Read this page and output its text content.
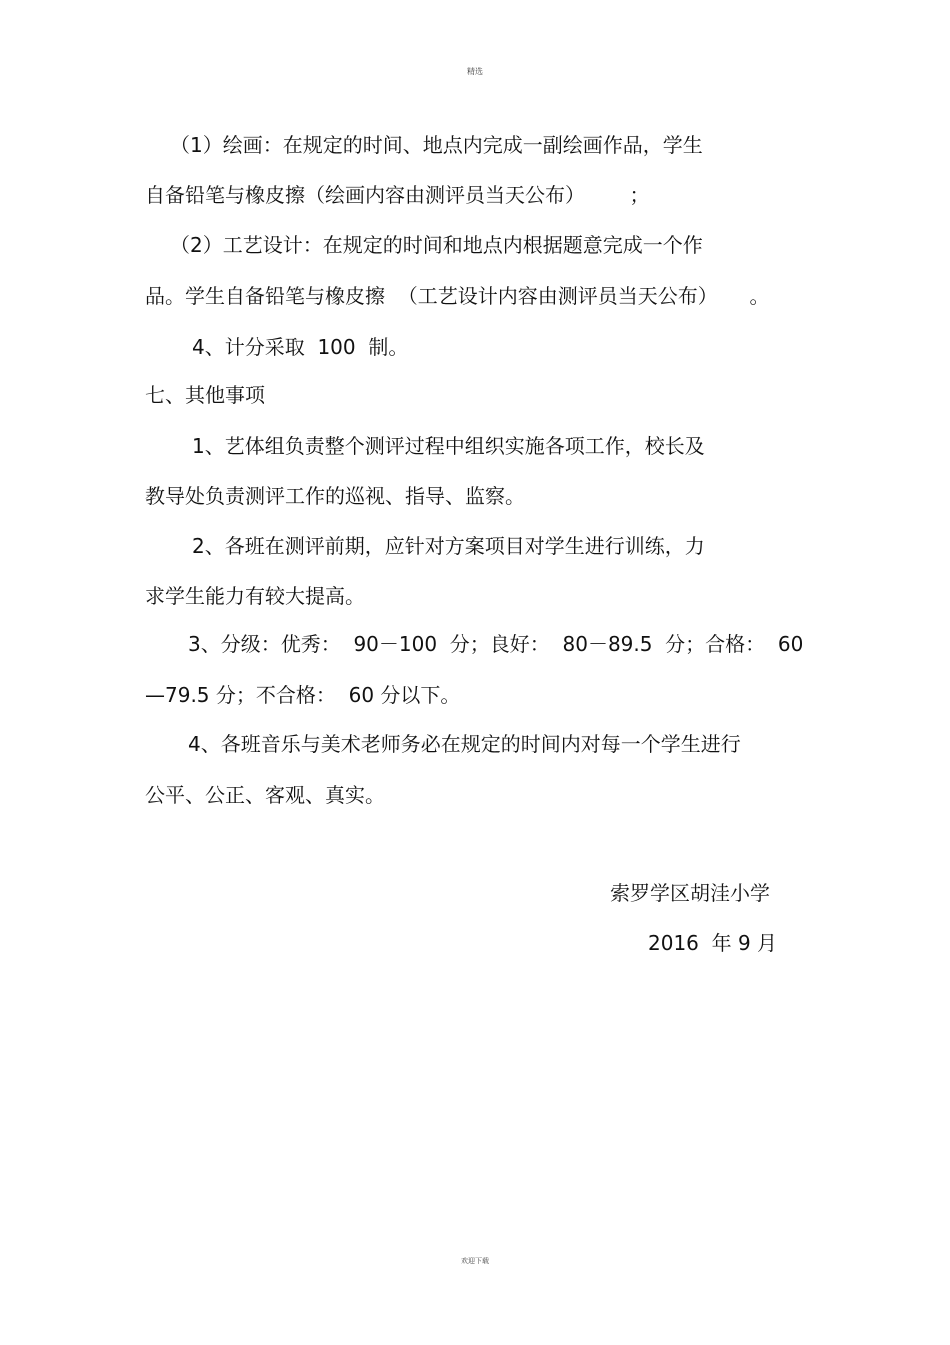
精选

（1）绘画：在规定的时间、地点内完成一副绘画作品，学生

自备铅笔与橡皮擦（绘画内容由测评员当天公布）       ；

（2）工艺设计：在规定的时间和地点内根据题意完成一个作

品。学生自备铅笔与橡皮擦  （工艺设计内容由测评员当天公布）     。

4、计分采取  100  制。

七、其他事项

1、艺体组负责整个测评过程中组织实施各项工作，校长及

教导处负责测评工作的巡视、指导、监察。

2、各班在测评前期，应针对方案项目对学生进行训练，力

求学生能力有较大提高。

3、分级：优秀：  90－100  分；良好：  80－89.5  分；合格：  60

—79.5 分；不合格：  60 分以下。

4、各班音乐与美术老师务必在规定的时间内对每一个学生进行

公平、公正、客观、真实。

索罗学区胡洼小学

2016  年 9 月

欢迎下载
